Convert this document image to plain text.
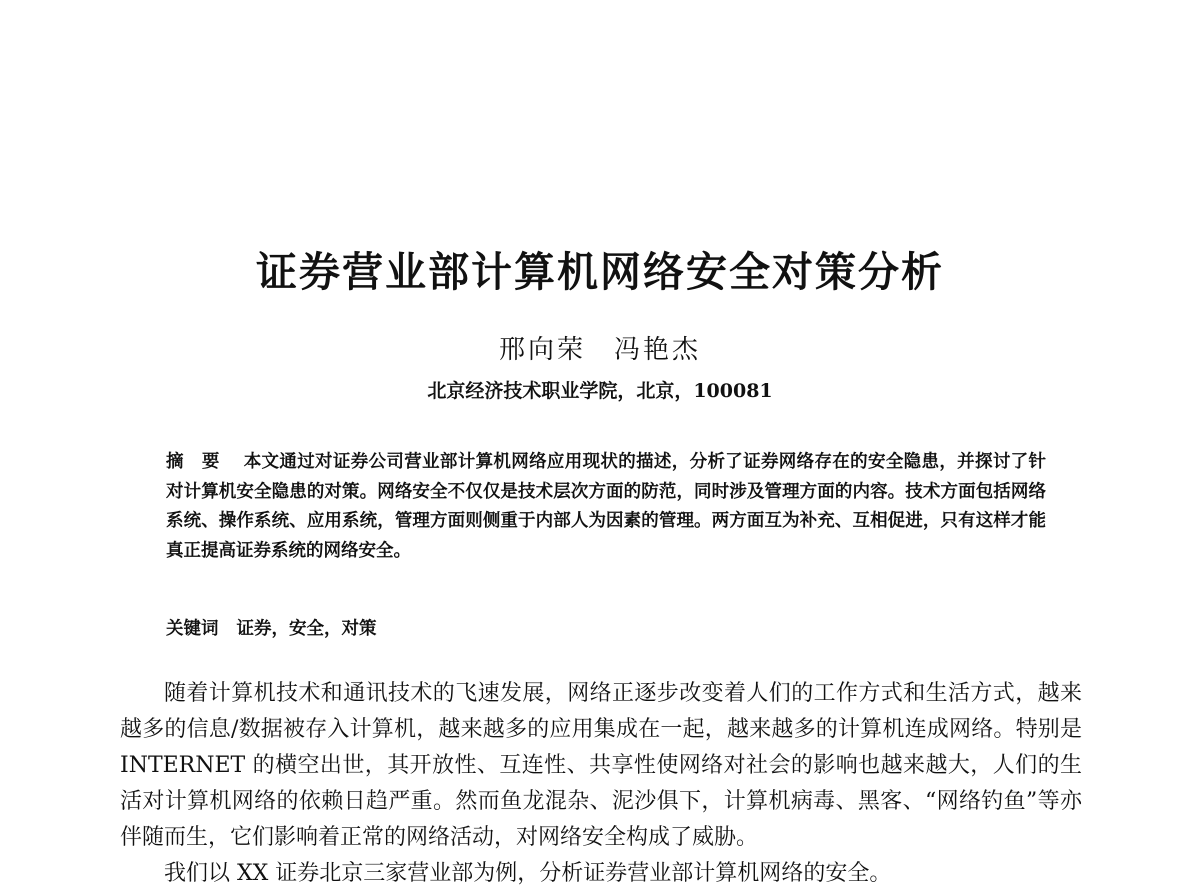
证券营业部计算机网络安全对策分析
邢向荣 冯艳杰
北京经济技术职业学院，北京，100081

摘要 本文通过对证券公司营业部计算机网络应用现状的描述，分析了证券网络存在的安全隐患，并探讨了针对计算机安全隐患的对策。网络安全不仅仅是技术层次方面的防范，同时涉及管理方面的内容。技术方面包括网络系统、操作系统、应用系统，管理方面则侧重于内部人为因素的管理。两方面互为补充、互相促进，只有这样才能真正提高证券系统的网络安全。

关键词 证券，安全，对策

随着计算机技术和通讯技术的飞速发展，网络正逐步改变着人们的工作方式和生活方式，越来越多的信息/数据被存入计算机，越来越多的应用集成在一起，越来越多的计算机连成网络。特别是 INTERNET 的横空出世，其开放性、互连性、共享性使网络对社会的影响也越来越大，人们的生活对计算机网络的依赖日趋严重。然而鱼龙混杂、泥沙俱下，计算机病毒、黑客、“网络钓鱼”等亦伴随而生，它们影响着正常的网络活动，对网络安全构成了威胁。

我们以 XX 证券北京三家营业部为例，分析证券营业部计算机网络的安全。
